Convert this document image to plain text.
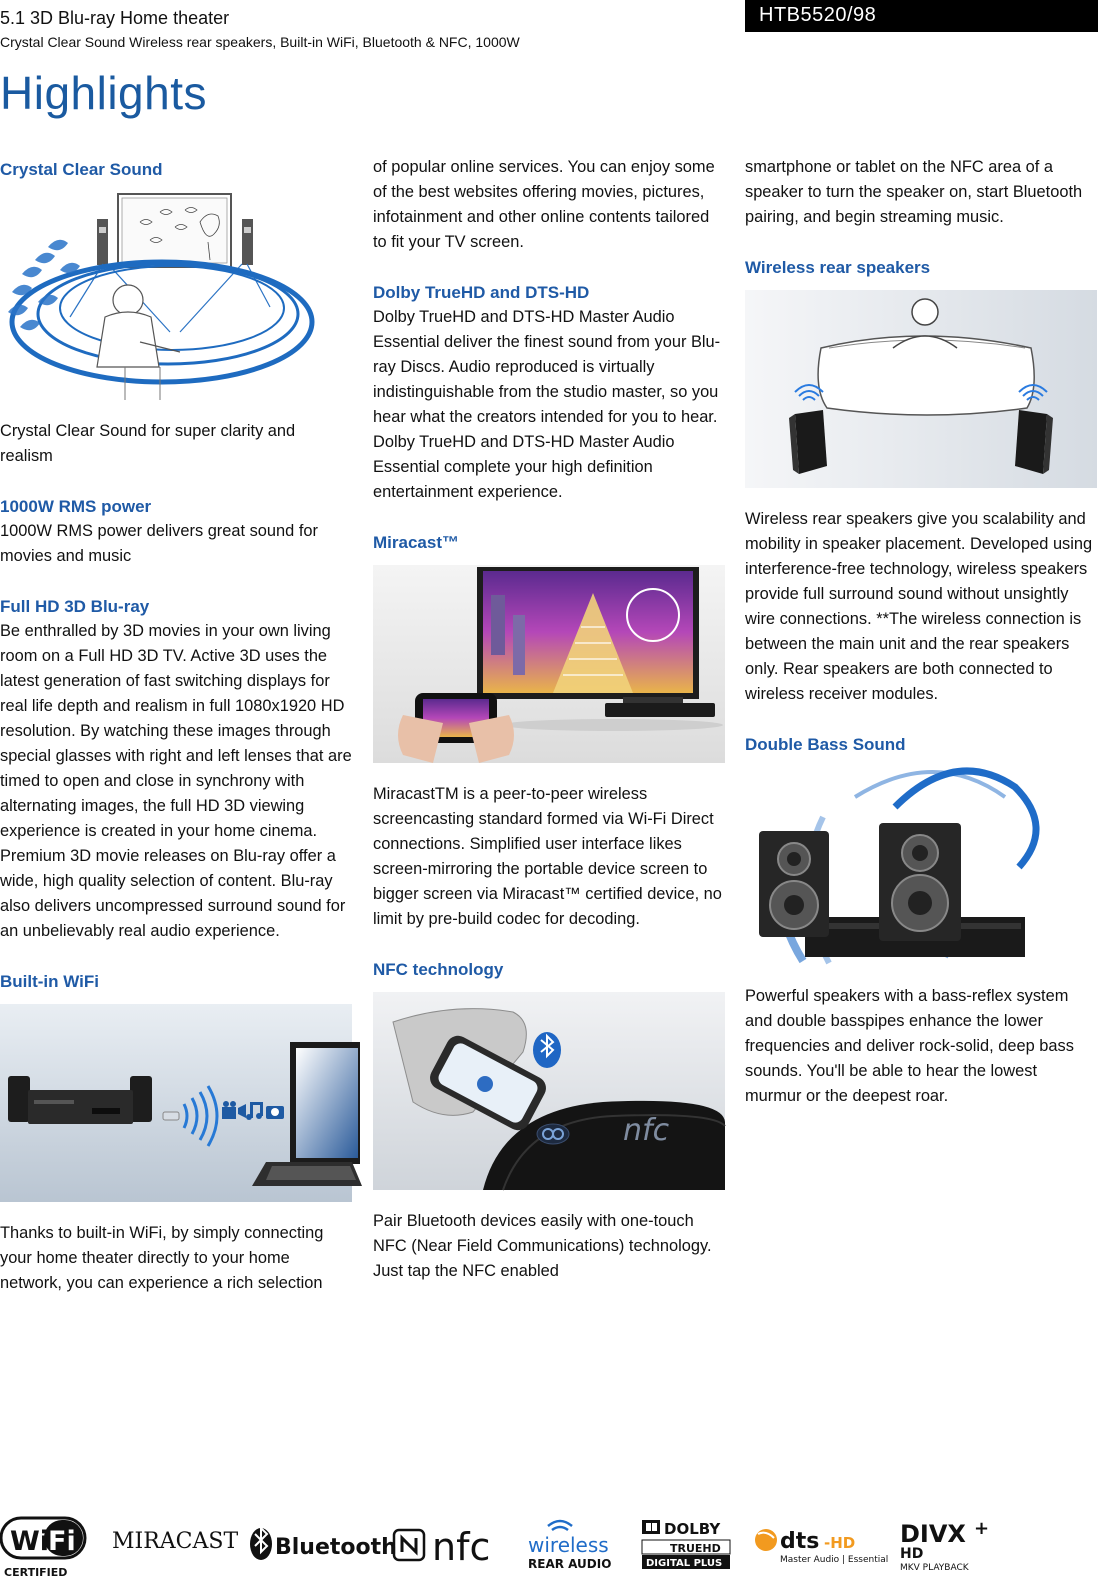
5.1 3D Blu-ray Home theater
Crystal Clear Sound Wireless rear speakers, Built-in WiFi, Bluetooth & NFC, 1000W
HTB5520/98
Highlights
Crystal Clear Sound
Crystal Clear Sound for super clarity and realism
1000W RMS power
1000W RMS power delivers great sound for movies and music
Full HD 3D Blu-ray
Be enthralled by 3D movies in your own living room on a Full HD 3D TV. Active 3D uses the latest generation of fast switching displays for real life depth and realism in full 1080x1920 HD resolution. By watching these images through special glasses with right and left lenses that are timed to open and close in synchrony with alternating images, the full HD 3D viewing experience is created in your home cinema. Premium 3D movie releases on Blu-ray offer a wide, high quality selection of content. Blu-ray also delivers uncompressed surround sound for an unbelievably real audio experience.
Built-in WiFi
Thanks to built-in WiFi, by simply connecting your home theater directly to your home network, you can experience a rich selection
of popular online services. You can enjoy some of the best websites offering movies, pictures, infotainment and other online contents tailored to fit your TV screen.
Dolby TrueHD and DTS-HD
Dolby TrueHD and DTS-HD Master Audio Essential deliver the finest sound from your Blu-ray Discs. Audio reproduced is virtually indistinguishable from the studio master, so you hear what the creators intended for you to hear. Dolby TrueHD and DTS-HD Master Audio Essential complete your high definition entertainment experience.
Miracast™
MiracastTM is a peer-to-peer wireless screencasting standard formed via Wi-Fi Direct connections. Simplified user interface likes screen-mirroring the portable device screen to bigger screen via Miracast™ certified device, no limit by pre-build codec for decoding.
NFC technology
nfc
Pair Bluetooth devices easily with one-touch NFC (Near Field Communications) technology. Just tap the NFC enabled
smartphone or tablet on the NFC area of a speaker to turn the speaker on, start Bluetooth pairing, and begin streaming music.
Wireless rear speakers
Wireless rear speakers give you scalability and mobility in speaker placement. Developed using interference-free technology, wireless speakers provide full surround sound without unsightly wire connections. **The wireless connection is between the main unit and the rear speakers only. Rear speakers are both connected to wireless receiver modules.
Double Bass Sound
Powerful speakers with a bass-reflex system and double basspipes enhance the lower frequencies and deliver rock-solid, deep bass sounds. You'll be able to hear the lowest murmur or the deepest roar.
Wi
Fi
CERTIFIED
MIRACAST Bluetooth nfc wireless
REAR AUDIO
DOLBY
TRUEHD
DIGITAL PLUS
dts -HD
Master Audio | Essential
DIVX +
HD
MKV PLAYBACK
